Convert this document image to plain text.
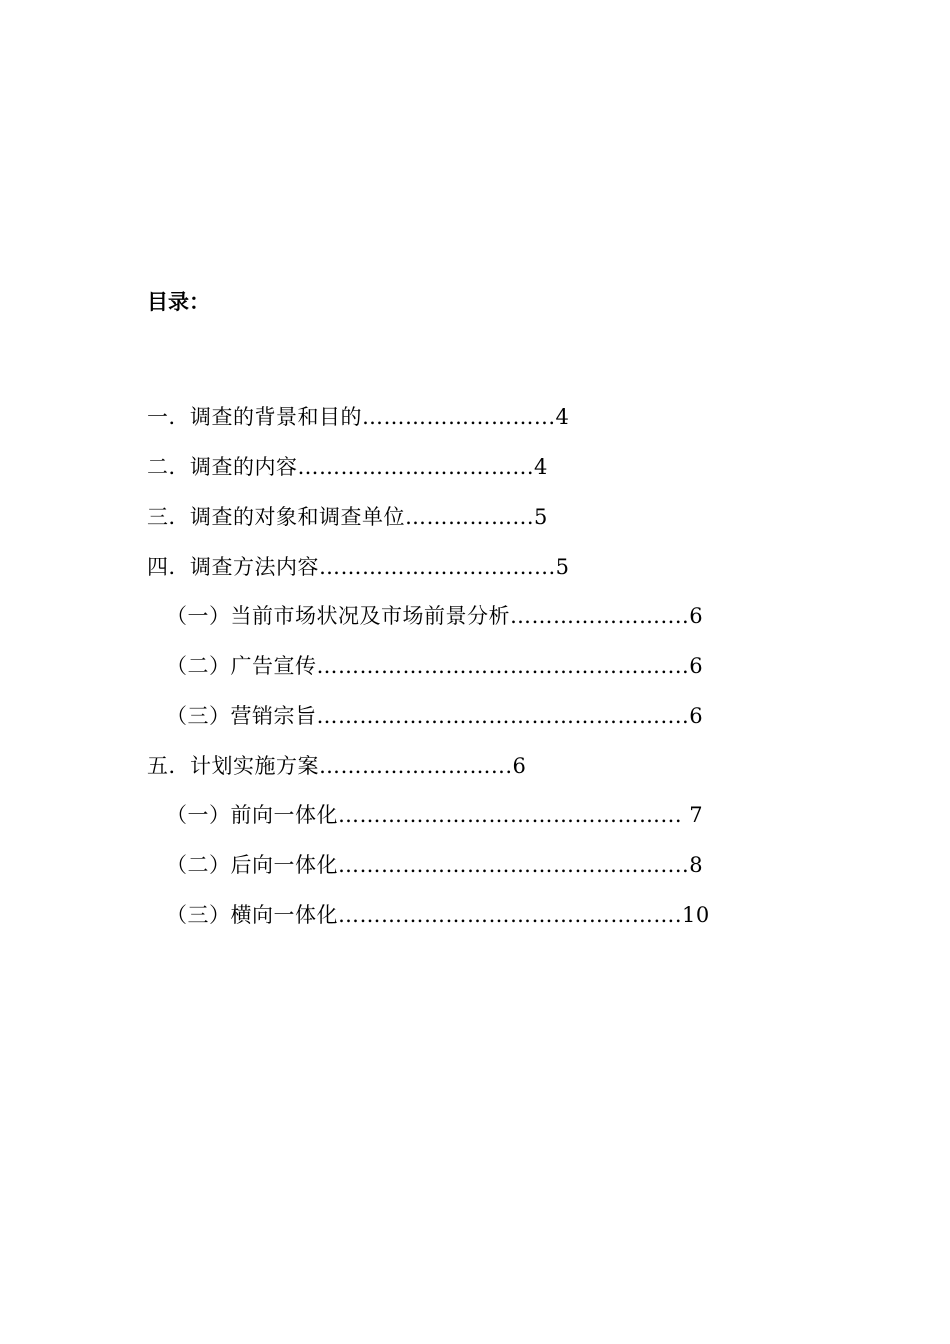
目录：
一．调查的背景和目的……………………...4
二．调查的内容…………………………...4
三．调查的对象和调查单位……………...5
四．调查方法内容………………...............5
（一）当前市场状况及市场前景分析…………………....6
（二）广告宣传…………………………………………....6
（三）营销宗旨…………………………………………....6
五．计划实施方案……………………...6
（一）前向一体化………………………………………... 7
（二）后向一体化………………………………………....8
（三）横向一体化……………………………..………….10
